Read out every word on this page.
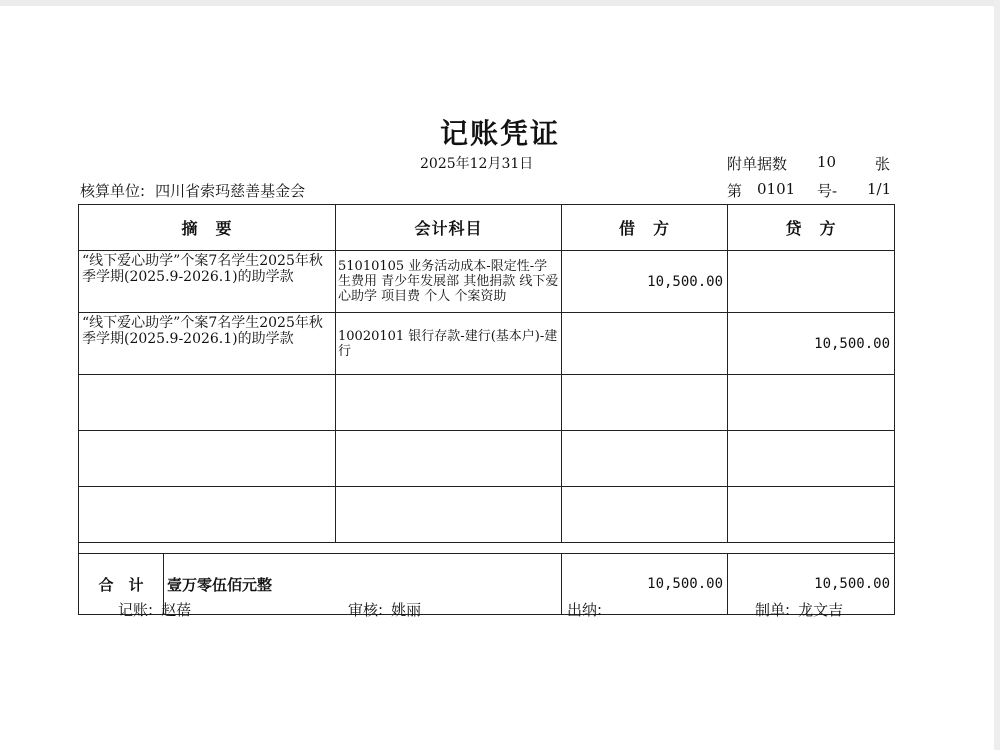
记账凭证
2025年12月31日	附单据数 10	张
核算单位: 四川省索玛慈善基金会	第 0101 号- 1/1
摘　要	会计科目	借　方	贷　方
“线下爱心助学”个案7名学生2025年秋季学期(2025.9-2026.1)的助学款	51010105 业务活动成本-限定性-学生费用 青少年发展部 其他捐款 线下爱心助学 项目费 个人 个案资助	10,500.00	
“线下爱心助学”个案7名学生2025年秋季学期(2025.9-2026.1)的助学款	10020101 银行存款-建行(基本户)-建行		10,500.00

合　计 壹万零伍佰元整		10,500.00	10,500.00
记账: 赵蓓	审核: 姚丽	出纳:	制单: 龙文吉
